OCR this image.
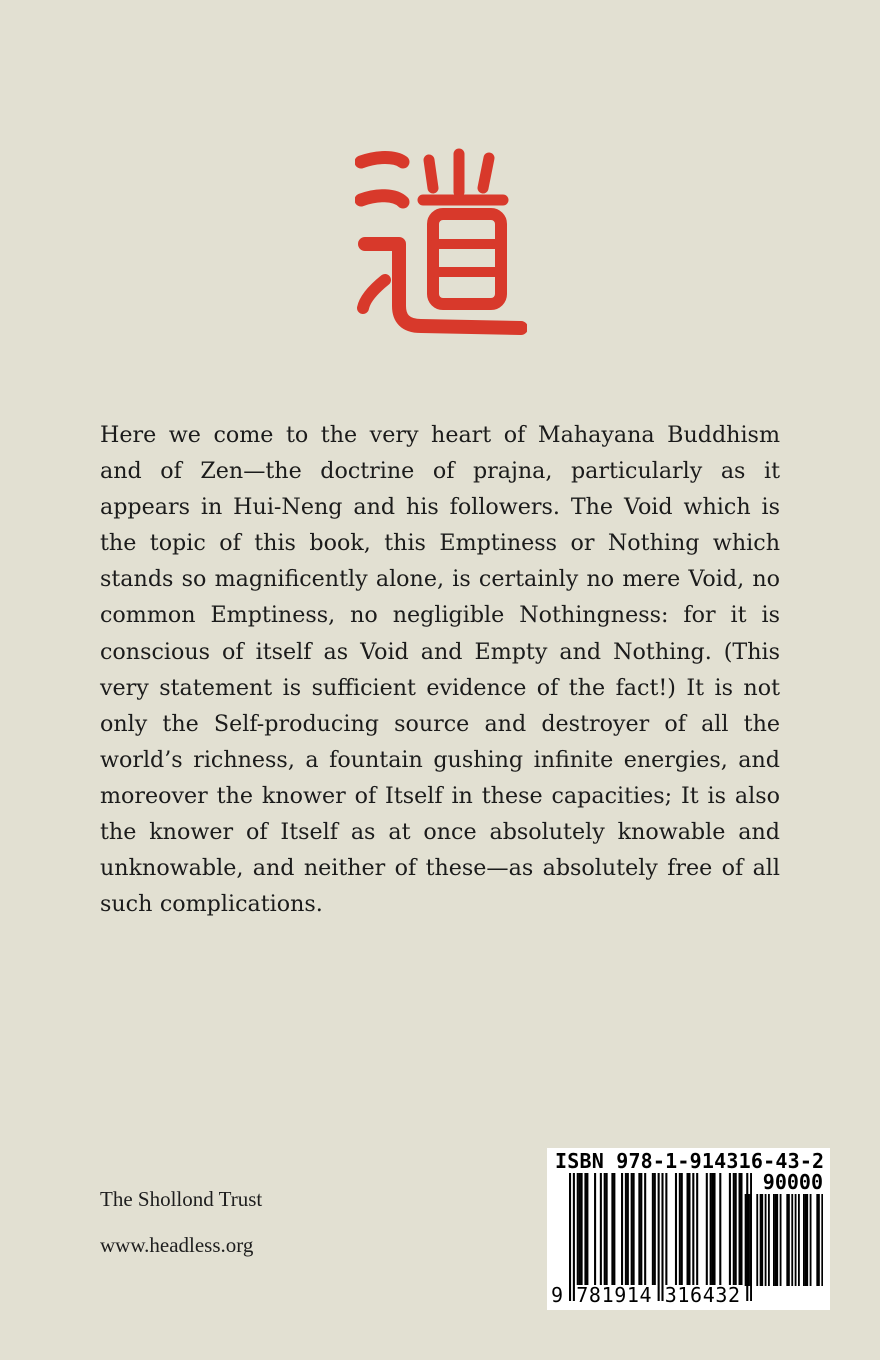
Here we come to the very heart of Mahayana Buddhism and of Zen—the doctrine of prajna, particularly as it appears in Hui-Neng and his followers. The Void which is the topic of this book, this Emptiness or Nothing which stands so magnificently alone, is certainly no mere Void, no common Emptiness, no negligible Nothingness: for it is conscious of itself as Void and Empty and Nothing. (This very statement is sufficient evidence of the fact!) It is not only the Self-producing source and destroyer of all the world’s richness, a fountain gushing infinite energies, and moreover the knower of Itself in these capacities; It is also the knower of Itself as at once absolutely knowable and unknowable, and neither of these—as absolutely free of all such complications.

The Shollond Trust
www.headless.org
ISBN 978-1-914316-43-2
90000
9 781914 316432
